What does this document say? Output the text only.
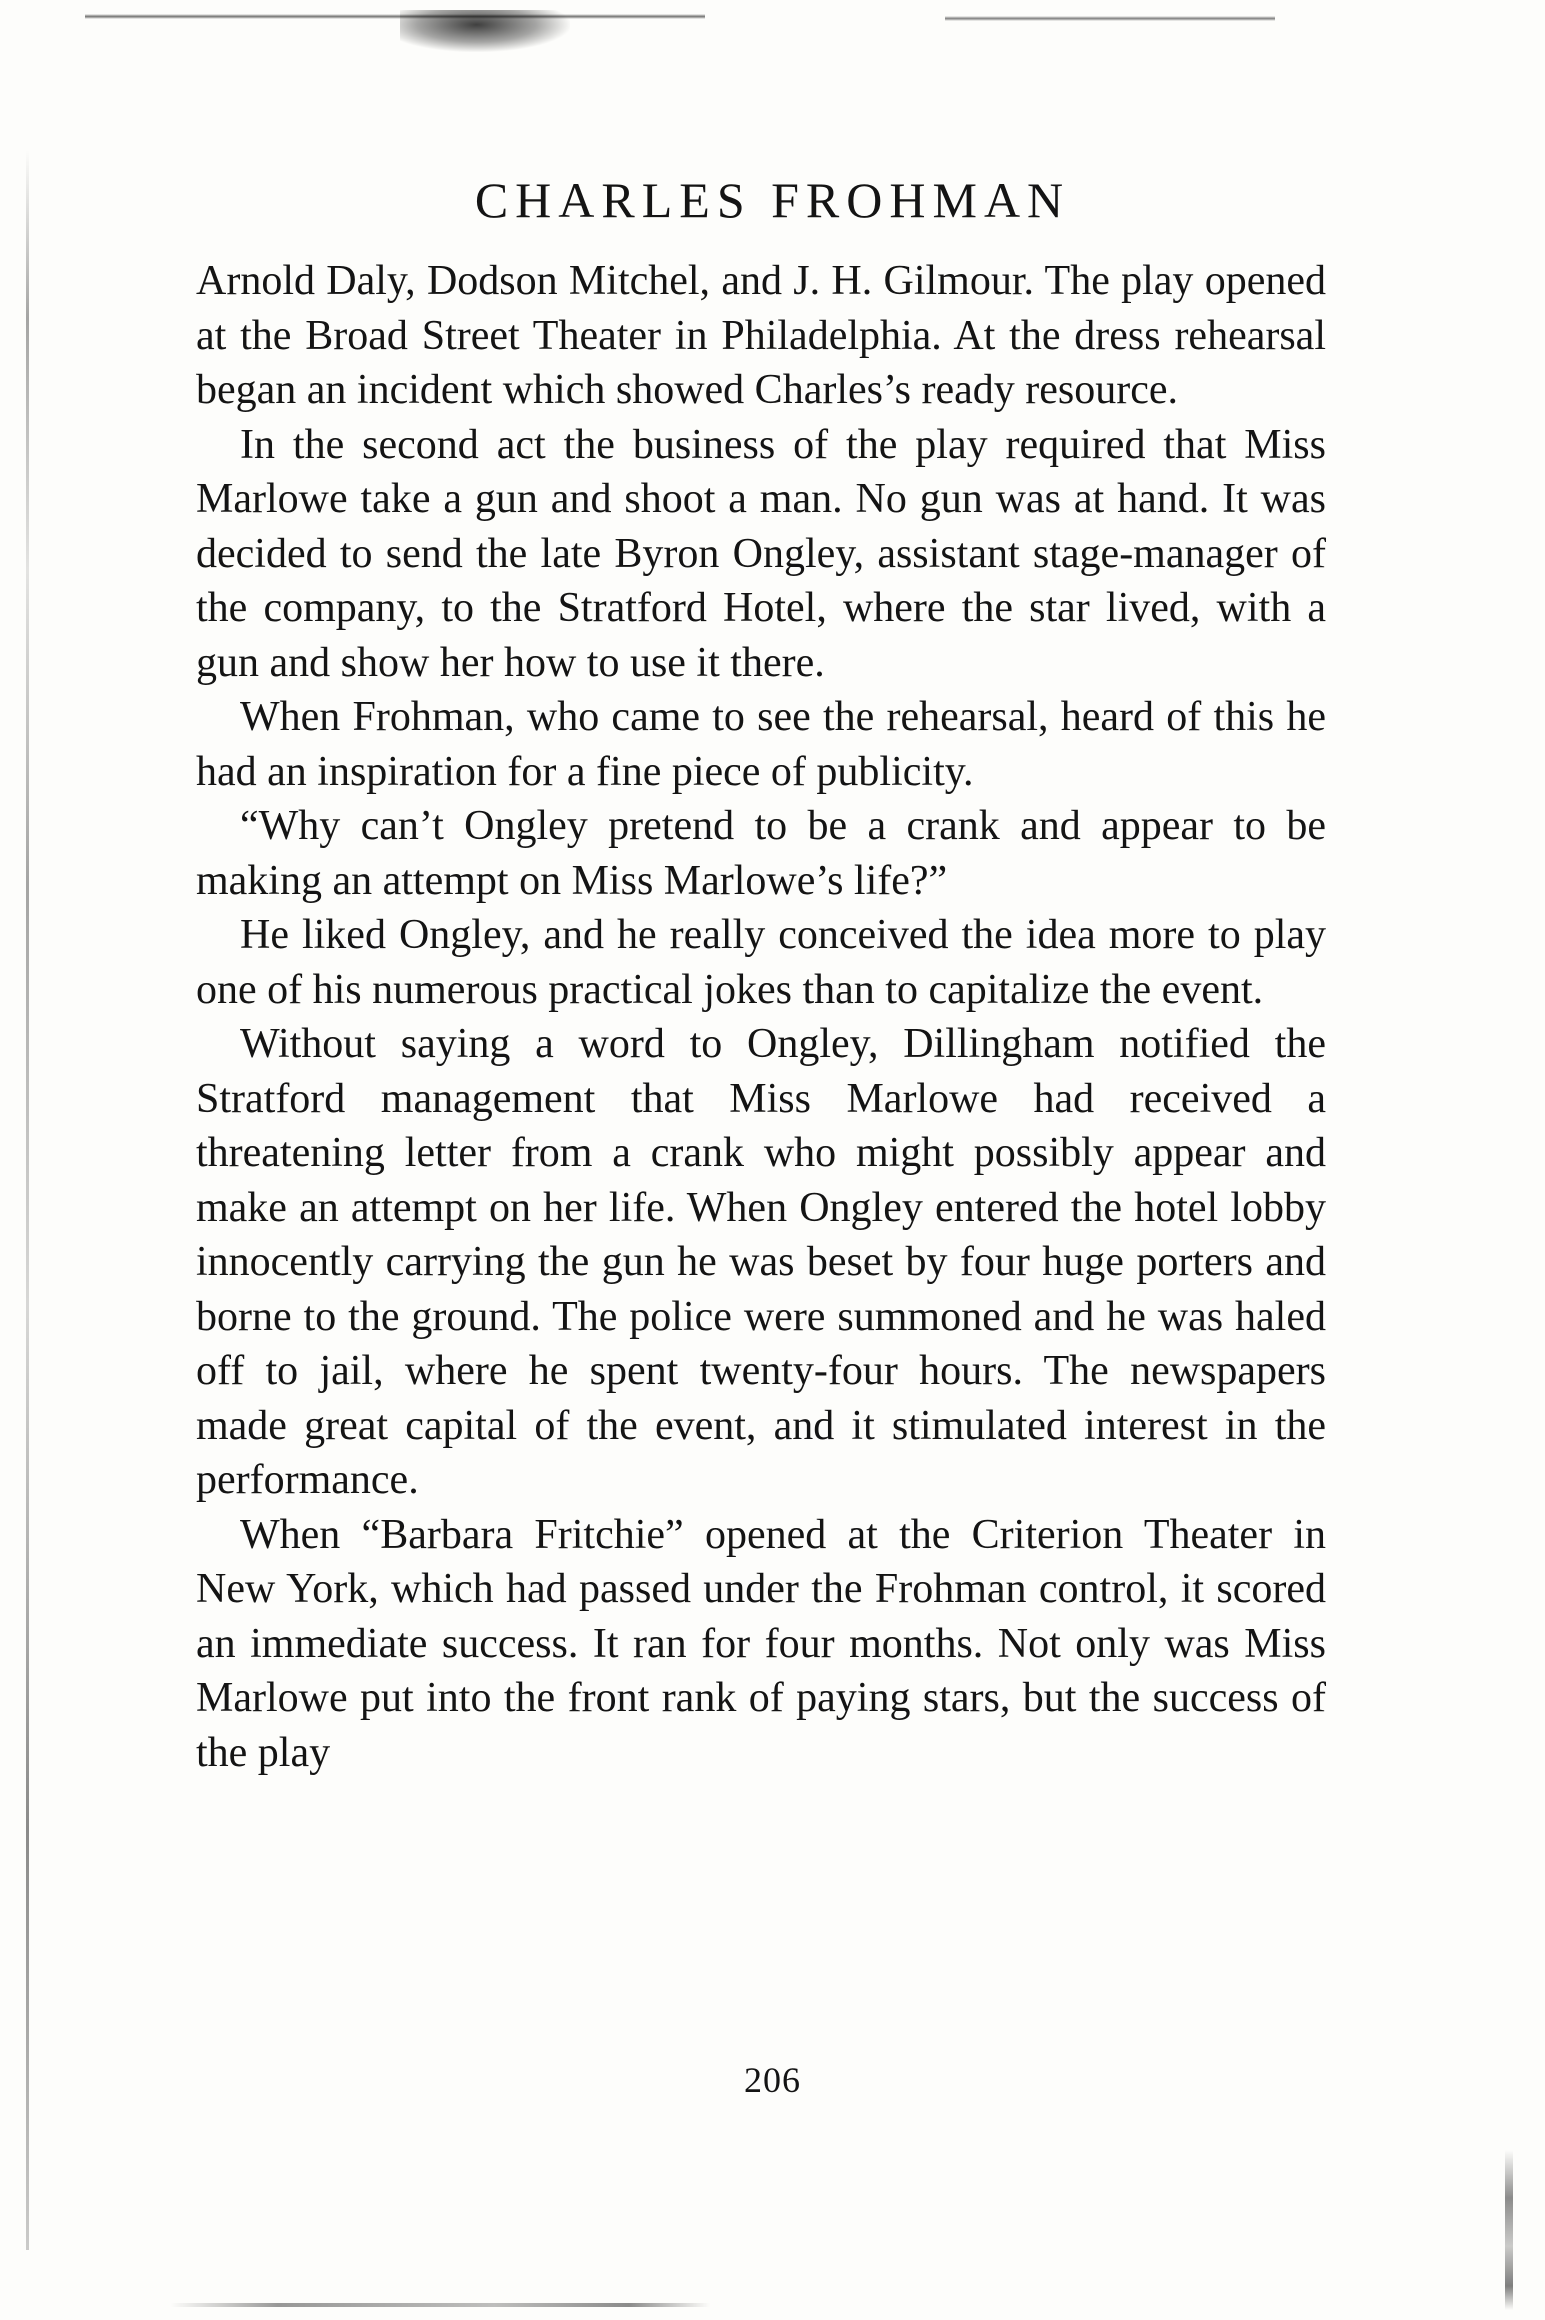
CHARLES FROHMAN

Arnold Daly, Dodson Mitchel, and J. H. Gilmour. The play opened at the Broad Street Theater in Philadelphia. At the dress rehearsal began an incident which showed Charles’s ready resource.

In the second act the business of the play required that Miss Marlowe take a gun and shoot a man. No gun was at hand. It was decided to send the late Byron Ongley, assistant stage-manager of the company, to the Stratford Hotel, where the star lived, with a gun and show her how to use it there.

When Frohman, who came to see the rehearsal, heard of this he had an inspiration for a fine piece of publicity.

“Why can’t Ongley pretend to be a crank and appear to be making an attempt on Miss Marlowe’s life?”

He liked Ongley, and he really conceived the idea more to play one of his numerous practical jokes than to capitalize the event.

Without saying a word to Ongley, Dillingham notified the Stratford management that Miss Marlowe had received a threatening letter from a crank who might possibly appear and make an attempt on her life. When Ongley entered the hotel lobby innocently carrying the gun he was beset by four huge porters and borne to the ground. The police were summoned and he was haled off to jail, where he spent twenty-four hours. The newspapers made great capital of the event, and it stimulated interest in the performance.

When “Barbara Fritchie” opened at the Criterion Theater in New York, which had passed under the Frohman control, it scored an immediate success. It ran for four months. Not only was Miss Marlowe put into the front rank of paying stars, but the success of the play

206
